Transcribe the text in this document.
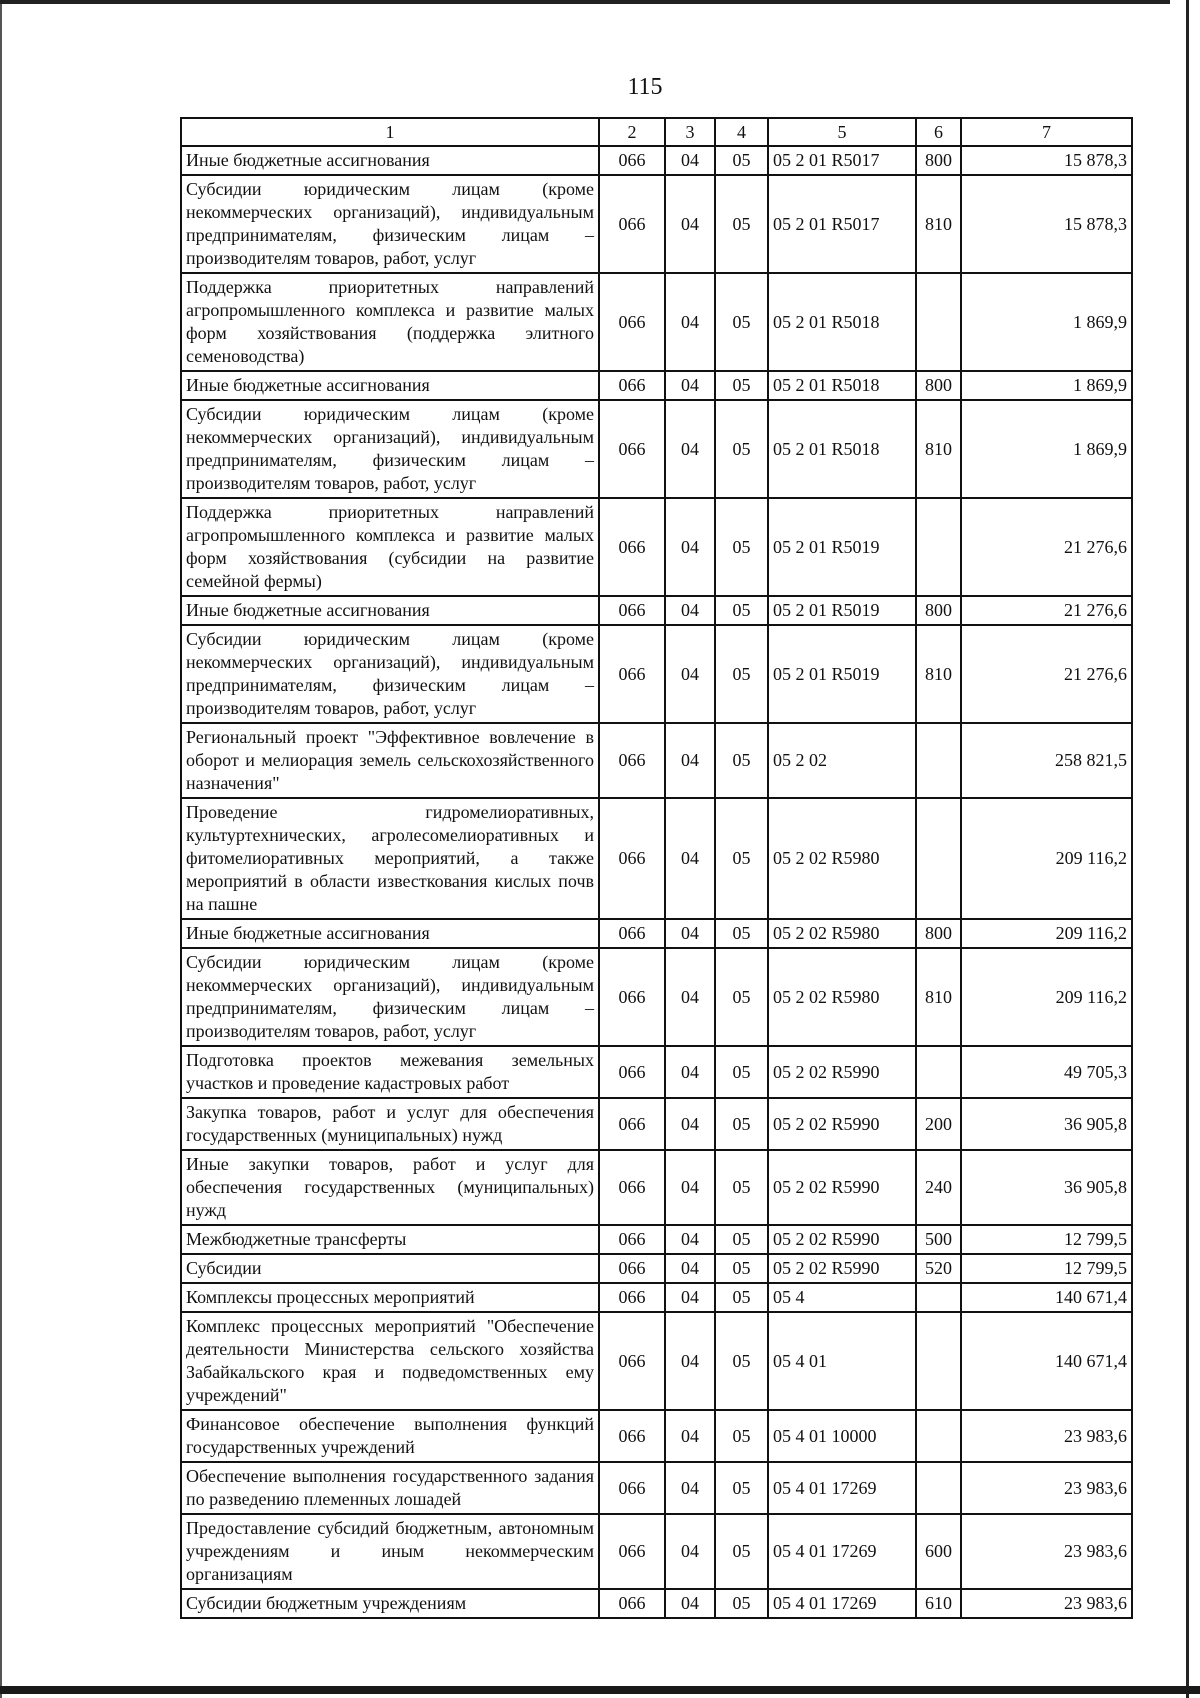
115
1	2	3	4	5	6	7
Иные бюджетные ассигнования	066	04	05	05 2 01 R5017	800	15 878,3
Субсидии юридическим лицам (кроме некоммерческих организаций), индивидуальным предпринимателям, физическим лицам – производителям товаров, работ, услуг	066	04	05	05 2 01 R5017	810	15 878,3
Поддержка приоритетных направлений агропромышленного комплекса и развитие малых форм хозяйствования (поддержка элитного семеноводства)	066	04	05	05 2 01 R5018		1 869,9
Иные бюджетные ассигнования	066	04	05	05 2 01 R5018	800	1 869,9
Субсидии юридическим лицам (кроме некоммерческих организаций), индивидуальным предпринимателям, физическим лицам – производителям товаров, работ, услуг	066	04	05	05 2 01 R5018	810	1 869,9
Поддержка приоритетных направлений агропромышленного комплекса и развитие малых форм хозяйствования (субсидии на развитие семейной фермы)	066	04	05	05 2 01 R5019		21 276,6
Иные бюджетные ассигнования	066	04	05	05 2 01 R5019	800	21 276,6
Субсидии юридическим лицам (кроме некоммерческих организаций), индивидуальным предпринимателям, физическим лицам – производителям товаров, работ, услуг	066	04	05	05 2 01 R5019	810	21 276,6
Региональный проект "Эффективное вовлечение в оборот и мелиорация земель сельскохозяйственного назначения"	066	04	05	05 2 02		258 821,5
Проведение гидромелиоративных, культуртехнических, агролесомелиоративных и фитомелиоративных мероприятий, а также мероприятий в области известкования кислых почв на пашне	066	04	05	05 2 02 R5980		209 116,2
Иные бюджетные ассигнования	066	04	05	05 2 02 R5980	800	209 116,2
Субсидии юридическим лицам (кроме некоммерческих организаций), индивидуальным предпринимателям, физическим лицам – производителям товаров, работ, услуг	066	04	05	05 2 02 R5980	810	209 116,2
Подготовка проектов межевания земельных участков и проведение кадастровых работ	066	04	05	05 2 02 R5990		49 705,3
Закупка товаров, работ и услуг для обеспечения государственных (муниципальных) нужд	066	04	05	05 2 02 R5990	200	36 905,8
Иные закупки товаров, работ и услуг для обеспечения государственных (муниципальных) нужд	066	04	05	05 2 02 R5990	240	36 905,8
Межбюджетные трансферты	066	04	05	05 2 02 R5990	500	12 799,5
Субсидии	066	04	05	05 2 02 R5990	520	12 799,5
Комплексы процессных мероприятий	066	04	05	05 4		140 671,4
Комплекс процессных мероприятий "Обеспечение деятельности Министерства сельского хозяйства Забайкальского края и подведомственных ему учреждений"	066	04	05	05 4 01		140 671,4
Финансовое обеспечение выполнения функций государственных учреждений	066	04	05	05 4 01 10000		23 983,6
Обеспечение выполнения государственного задания по разведению племенных лошадей	066	04	05	05 4 01 17269		23 983,6
Предоставление субсидий бюджетным, автономным учреждениям и иным некоммерческим организациям	066	04	05	05 4 01 17269	600	23 983,6
Субсидии бюджетным учреждениям	066	04	05	05 4 01 17269	610	23 983,6
